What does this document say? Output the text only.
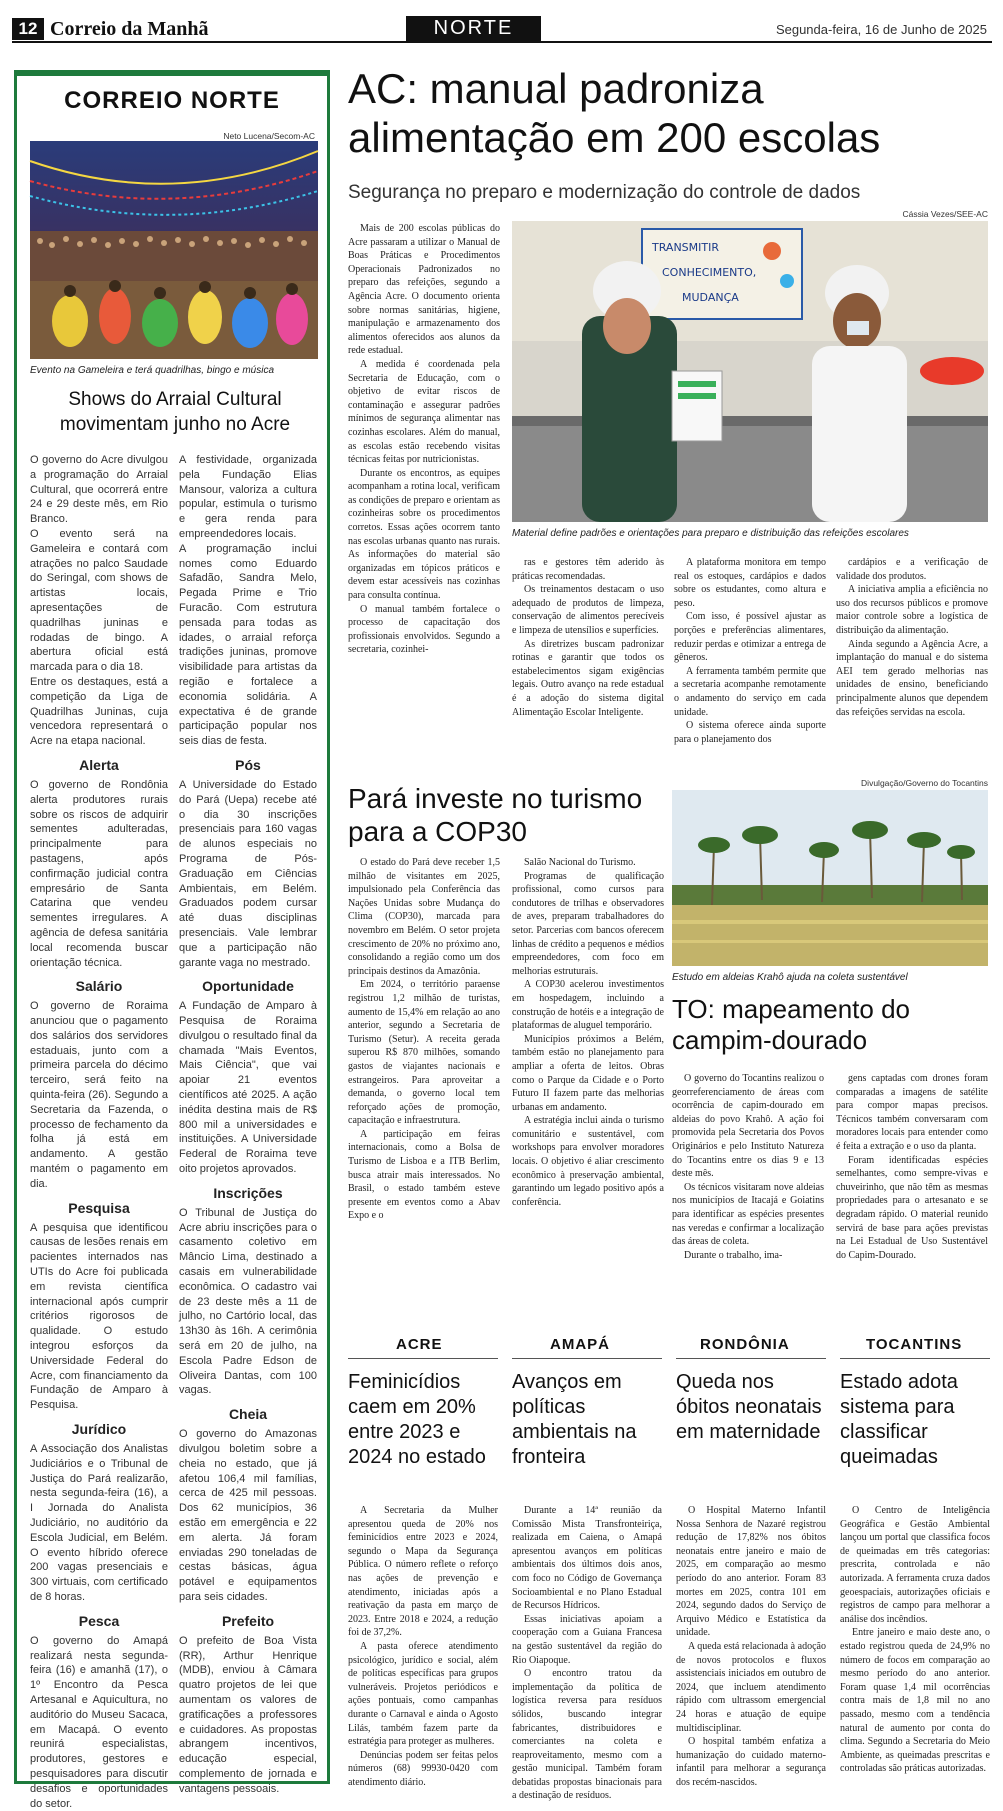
12 Correio da Manhã	NORTE	Segunda-feira, 16 de Junho de 2025
CORREIO NORTE
Neto Lucena/Secom-AC
Evento na Gameleira e terá quadrilhas, bingo e música
Shows do Arraial Cultural movimentam junho no Acre

O governo do Acre divulgou a programação do Arraial Cultural, que ocorrerá entre 24 e 29 deste mês, em Rio Branco.

O evento será na Gameleira e contará com atrações no palco Saudade do Seringal, com shows de artistas locais, apresentações de quadrilhas juninas e rodadas de bingo. A abertura oficial está marcada para o dia 18.

Entre os destaques, está a competição da Liga de Quadrilhas Juninas, cuja vencedora representará o Acre na etapa nacional.

Alerta

O governo de Rondônia alerta produtores rurais sobre os riscos de adquirir sementes adulteradas, principalmente para pastagens, após confirmação judicial contra empresário de Santa Catarina que vendeu sementes irregulares. A agência de defesa sanitária local recomenda buscar orientação técnica.

Salário

O governo de Roraima anunciou que o pagamento dos salários dos servidores estaduais, junto com a primeira parcela do décimo terceiro, será feito na quinta-feira (26). Segundo a Secretaria da Fazenda, o processo de fechamento da folha já está em andamento. A gestão mantém o pagamento em dia.

Pesquisa

A pesquisa que identificou causas de lesões renais em pacientes internados nas UTIs do Acre foi publicada em revista científica internacional após cumprir critérios rigorosos de qualidade. O estudo integrou esforços da Universidade Federal do Acre, com financiamento da Fundação de Amparo à Pesquisa.

Jurídico

A Associação dos Analistas Judiciários e o Tribunal de Justiça do Pará realizarão, nesta segunda-feira (16), a I Jornada do Analista Judiciário, no auditório da Escola Judicial, em Belém. O evento híbrido oferece 200 vagas presenciais e 300 virtuais, com certificado de 8 horas.

Pesca

O governo do Amapá realizará nesta segunda-feira (16) e amanhã (17), o 1º Encontro da Pesca Artesanal e Aquicultura, no auditório do Museu Sacaca, em Macapá. O evento reunirá especialistas, produtores, gestores e pesquisadores para discutir desafios e oportunidades do setor.

A festividade, organizada pela Fundação Elias Mansour, valoriza a cultura popular, estimula o turismo e gera renda para empreendedores locais.

A programação inclui nomes como Eduardo Safadão, Sandra Melo, Pegada Prime e Trio Furacão. Com estrutura pensada para todas as idades, o arraial reforça tradições juninas, promove visibilidade para artistas da região e fortalece a economia solidária. A expectativa é de grande participação popular nos seis dias de festa.

Pós

A Universidade do Estado do Pará (Uepa) recebe até o dia 30 inscrições presenciais para 160 vagas de alunos especiais no Programa de Pós-Graduação em Ciências Ambientais, em Belém. Graduados podem cursar até duas disciplinas presenciais. Vale lembrar que a participação não garante vaga no mestrado.

Oportunidade

A Fundação de Amparo à Pesquisa de Roraima divulgou o resultado final da chamada "Mais Eventos, Mais Ciência", que vai apoiar 21 eventos científicos até 2025. A ação inédita destina mais de R$ 800 mil a universidades e instituições. A Universidade Federal de Roraima teve oito projetos aprovados.

Inscrições

O Tribunal de Justiça do Acre abriu inscrições para o casamento coletivo em Mâncio Lima, destinado a casais em vulnerabilidade econômica. O cadastro vai de 23 deste mês a 11 de julho, no Cartório local, das 13h30 às 16h. A cerimônia será em 20 de julho, na Escola Padre Edson de Oliveira Dantas, com 100 vagas.

Cheia

O governo do Amazonas divulgou boletim sobre a cheia no estado, que já afetou 106,4 mil famílias, cerca de 425 mil pessoas. Dos 62 municípios, 36 estão em emergência e 22 em alerta. Já foram enviadas 290 toneladas de cestas básicas, água potável e equipamentos para seis cidades.

Prefeito

O prefeito de Boa Vista (RR), Arthur Henrique (MDB), enviou à Câmara quatro projetos de lei que aumentam os valores de gratificações a professores e cuidadores. As propostas abrangem incentivos, educação especial, complemento de jornada e vantagens pessoais.

AC: manual padroniza alimentação em 200 escolas
Segurança no preparo e modernização do controle de dados

Mais de 200 escolas públicas do Acre passaram a utilizar o Manual de Boas Práticas e Procedimentos Operacionais Padronizados no preparo das refeições, segundo a Agência Acre. O documento orienta sobre normas sanitárias, higiene, manipulação e armazenamento dos alimentos oferecidos aos alunos da rede estadual.

A medida é coordenada pela Secretaria de Educação, com o objetivo de evitar riscos de contaminação e assegurar padrões mínimos de segurança alimentar nas cozinhas escolares. Além do manual, as escolas estão recebendo visitas técnicas feitas por nutricionistas.

Durante os encontros, as equipes acompanham a rotina local, verificam as condições de preparo e orientam as cozinheiras sobre os procedimentos corretos. Essas ações ocorrem tanto nas escolas urbanas quanto nas rurais. As informações do material são organizadas em tópicos práticos e devem estar acessíveis nas cozinhas para consulta contínua.

O manual também fortalece o processo de capacitação dos profissionais envolvidos. Segundo a secretaria, cozinhei-

Cássia Vezes/SEE-AC
TRANSMITIR
CONHECIMENTO,
MUDANÇA
Material define padrões e orientações para preparo e distribuição das refeições escolares

ras e gestores têm aderido às práticas recomendadas.

Os treinamentos destacam o uso adequado de produtos de limpeza, conservação de alimentos perecíveis e limpeza de utensílios e superfícies.

As diretrizes buscam padronizar rotinas e garantir que todos os estabelecimentos sigam exigências legais. Outro avanço na rede estadual é a adoção do sistema digital Alimentação Escolar Inteligente.

A plataforma monitora em tempo real os estoques, cardápios e dados sobre os estudantes, como altura e peso.

Com isso, é possível ajustar as porções e preferências alimentares, reduzir perdas e otimizar a entrega de gêneros.

A ferramenta também permite que a secretaria acompanhe remotamente o andamento do serviço em cada unidade.

O sistema oferece ainda suporte para o planejamento dos

cardápios e a verificação de validade dos produtos.

A iniciativa amplia a eficiência no uso dos recursos públicos e promove maior controle sobre a logística de distribuição da alimentação.

Ainda segundo a Agência Acre, a implantação do manual e do sistema AEI tem gerado melhorias nas unidades de ensino, beneficiando principalmente alunos que dependem das refeições servidas na escola.

Pará investe no turismo para a COP30

O estado do Pará deve receber 1,5 milhão de visitantes em 2025, impulsionado pela Conferência das Nações Unidas sobre Mudança do Clima (COP30), marcada para novembro em Belém. O setor projeta crescimento de 20% no próximo ano, consolidando a região como um dos principais destinos da Amazônia.

Em 2024, o território paraense registrou 1,2 milhão de turistas, aumento de 15,4% em relação ao ano anterior, segundo a Secretaria de Turismo (Setur). A receita gerada superou R$ 870 milhões, somando gastos de viajantes nacionais e estrangeiros. Para aproveitar a demanda, o governo local tem reforçado ações de promoção, capacitação e infraestrutura.

A participação em feiras internacionais, como a Bolsa de Turismo de Lisboa e a ITB Berlim, busca atrair mais interessados. No Brasil, o estado também esteve presente em eventos como a Abav Expo e o

Salão Nacional do Turismo.

Programas de qualificação profissional, como cursos para condutores de trilhas e observadores de aves, preparam trabalhadores do setor. Parcerias com bancos oferecem linhas de crédito a pequenos e médios empreendedores, com foco em melhorias estruturais.

A COP30 acelerou investimentos em hospedagem, incluindo a construção de hotéis e a integração de plataformas de aluguel temporário.

Municípios próximos a Belém, também estão no planejamento para ampliar a oferta de leitos. Obras como o Parque da Cidade e o Porto Futuro II fazem parte das melhorias urbanas em andamento.

A estratégia inclui ainda o turismo comunitário e sustentável, com workshops para envolver moradores locais. O objetivo é aliar crescimento econômico à preservação ambiental, garantindo um legado positivo após a conferência.

Divulgação/Governo do Tocantins
Estudo em aldeias Krahô ajuda na coleta sustentável
TO: mapeamento do campim-dourado

O governo do Tocantins realizou o georreferenciamento de áreas com ocorrência de capim-dourado em aldeias do povo Krahô. A ação foi promovida pela Secretaria dos Povos Originários e pelo Instituto Natureza do Tocantins entre os dias 9 e 13 deste mês.

Os técnicos visitaram nove aldeias nos municípios de Itacajá e Goiatins para identificar as espécies presentes nas veredas e confirmar a localização das áreas de coleta.

Durante o trabalho, ima-

gens captadas com drones foram comparadas a imagens de satélite para compor mapas precisos. Técnicos também conversaram com moradores locais para entender como é feita a extração e o uso da planta.

Foram identificadas espécies semelhantes, como sempre-vivas e chuveirinho, que não têm as mesmas propriedades para o artesanato e se degradam rápido. O material reunido servirá de base para ações previstas na Lei Estadual de Uso Sustentável do Capim-Dourado.

ACRE	AMAPÁ	RONDÔNIA	TOCANTINS
Feminicídios caem em 20% entre 2023 e 2024 no estado
Avanços em políticas ambientais na fronteira
Queda nos óbitos neonatais em maternidade
Estado adota sistema para classificar queimadas

A Secretaria da Mulher apresentou queda de 20% nos feminicídios entre 2023 e 2024, segundo o Mapa da Segurança Pública. O número reflete o reforço nas ações de prevenção e atendimento, iniciadas após a reativação da pasta em março de 2023. Entre 2018 e 2024, a redução foi de 37,2%.

A pasta oferece atendimento psicológico, jurídico e social, além de políticas específicas para grupos vulneráveis. Projetos periódicos e ações pontuais, como campanhas durante o Carnaval e ainda o Agosto Lilás, também fazem parte da estratégia para proteger as mulheres.

Denúncias podem ser feitas pelos números (68) 99930-0420 com atendimento diário.

Durante a 14ª reunião da Comissão Mista Transfronteiriça, realizada em Caiena, o Amapá apresentou avanços em políticas ambientais dos últimos dois anos, com foco no Código de Governança Socioambiental e no Plano Estadual de Recursos Hídricos.

Essas iniciativas apoiam a cooperação com a Guiana Francesa na gestão sustentável da região do Rio Oiapoque.

O encontro tratou da implementação da política de logística reversa para resíduos sólidos, buscando integrar fabricantes, distribuidores e comerciantes na coleta e reaproveitamento, mesmo com a gestão municipal. Também foram debatidas propostas binacionais para a destinação de resíduos.

O Hospital Materno Infantil Nossa Senhora de Nazaré registrou redução de 17,82% nos óbitos neonatais entre janeiro e maio de 2025, em comparação ao mesmo período do ano anterior. Foram 83 mortes em 2025, contra 101 em 2024, segundo dados do Serviço de Arquivo Médico e Estatística da unidade.

A queda está relacionada à adoção de novos protocolos e fluxos assistenciais iniciados em outubro de 2024, que incluem atendimento rápido com ultrassom emergencial 24 horas e atuação de equipe multidisciplinar.

O hospital também enfatiza a humanização do cuidado materno-infantil para melhorar a segurança dos recém-nascidos.

O Centro de Inteligência Geográfica e Gestão Ambiental lançou um portal que classifica focos de queimadas em três categorias: prescrita, controlada e não autorizada. A ferramenta cruza dados geoespaciais, autorizações oficiais e registros de campo para melhorar a análise dos incêndios.

Entre janeiro e maio deste ano, o estado registrou queda de 24,9% no número de focos em comparação ao mesmo período do ano anterior. Foram quase 1,4 mil ocorrências contra mais de 1,8 mil no ano passado, mesmo com a tendência natural de aumento por conta do clima. Segundo a Secretaria do Meio Ambiente, as queimadas prescritas e controladas são práticas autorizadas.
